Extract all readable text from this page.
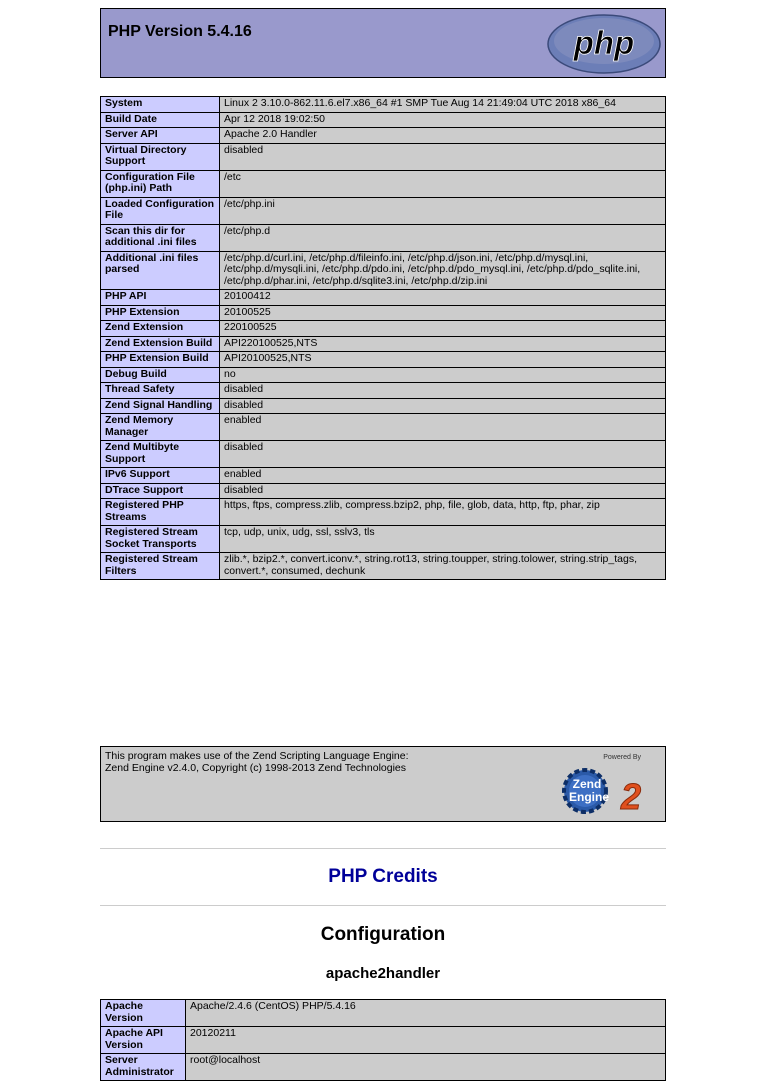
PHP Version 5.4.16	php
System	Linux 2 3.10.0-862.11.6.el7.x86_64 #1 SMP Tue Aug 14 21:49:04 UTC 2018 x86_64
Build Date	Apr 12 2018 19:02:50
Server API	Apache 2.0 Handler
Virtual Directory Support	disabled
Configuration File (php.ini) Path	/etc
Loaded Configuration File	/etc/php.ini
Scan this dir for additional .ini files	/etc/php.d
Additional .ini files parsed	/etc/php.d/curl.ini, /etc/php.d/fileinfo.ini, /etc/php.d/json.ini, /etc/php.d/mysql.ini, /etc/php.d/mysqli.ini, /etc/php.d/pdo.ini, /etc/php.d/pdo_mysql.ini, /etc/php.d/pdo_sqlite.ini, /etc/php.d/phar.ini, /etc/php.d/sqlite3.ini, /etc/php.d/zip.ini
PHP API	20100412
PHP Extension	20100525
Zend Extension	220100525
Zend Extension Build	API220100525,NTS
PHP Extension Build	API20100525,NTS
Debug Build	no
Thread Safety	disabled
Zend Signal Handling	disabled
Zend Memory Manager	enabled
Zend Multibyte Support	disabled
IPv6 Support	enabled
DTrace Support	disabled
Registered PHP Streams	https, ftps, compress.zlib, compress.bzip2, php, file, glob, data, http, ftp, phar, zip
Registered Stream Socket Transports	tcp, udp, unix, udg, ssl, sslv3, tls
Registered Stream Filters	zlib.*, bzip2.*, convert.iconv.*, string.rot13, string.toupper, string.tolower, string.strip_tags, convert.*, consumed, dechunk
This program makes use of the Zend Scripting Language Engine:
Zend Engine v2.4.0, Copyright (c) 1998-2013 Zend Technologies
Powered By
Zend
Engine 2
PHP Credits
Configuration
apache2handler
Apache Version	Apache/2.4.6 (CentOS) PHP/5.4.16
Apache API Version	20120211
Server Administrator	root@localhost
